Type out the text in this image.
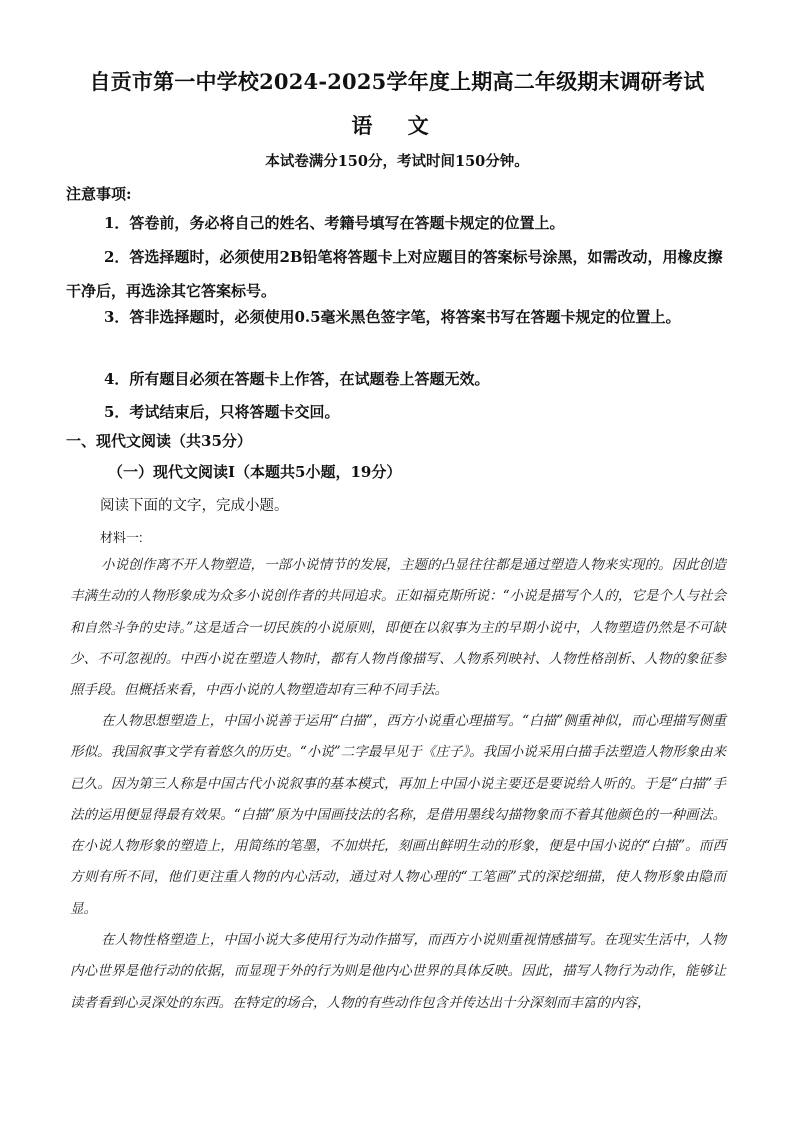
自贡市第一中学校2024-2025学年度上期高二年级期末调研考试
语 文
本试卷满分150分，考试时间150分钟。
注意事项:

1．答卷前，务必将自己的姓名、考籍号填写在答题卡规定的位置上。

2．答选择题时，必须使用2B铅笔将答题卡上对应题目的答案标号涂黑，如需改动，用橡皮擦干净后，再选涂其它答案标号。

3．答非选择题时，必须使用0.5毫米黑色签字笔，将答案书写在答题卡规定的位置上。

4．所有题目必须在答题卡上作答，在试题卷上答题无效。

5．考试结束后，只将答题卡交回。

一、现代文阅读（共35分）
（一）现代文阅读Ⅰ（本题共5小题，19分）
阅读下面的文字，完成小题。
材料一:

小说创作离不开人物塑造，一部小说情节的发展，主题的凸显往往都是通过塑造人物来实现的。因此创造丰满生动的人物形象成为众多小说创作者的共同追求。正如福克斯所说：“小说是描写个人的，它是个人与社会和自然斗争的史诗。”这是适合一切民族的小说原则，即便在以叙事为主的早期小说中，人物塑造仍然是不可缺少、不可忽视的。中西小说在塑造人物时，都有人物肖像描写、人物系列映衬、人物性格剖析、人物的象征参照手段。但概括来看，中西小说的人物塑造却有三种不同手法。

在人物思想塑造上，中国小说善于运用“白描”，西方小说重心理描写。“白描”侧重神似，而心理描写侧重形似。我国叙事文学有着悠久的历史。“小说”二字最早见于《庄子》。我国小说采用白描手法塑造人物形象由来已久。因为第三人称是中国古代小说叙事的基本模式，再加上中国小说主要还是要说给人听的。于是“白描”手法的运用便显得最有效果。“白描”原为中国画技法的名称，是借用墨线勾描物象而不着其他颜色的一种画法。在小说人物形象的塑造上，用简练的笔墨，不加烘托，刻画出鲜明生动的形象，便是中国小说的“白描”。而西方则有所不同，他们更注重人物的内心活动，通过对人物心理的“工笔画”式的深挖细描，使人物形象由隐而显。

在人物性格塑造上，中国小说大多使用行为动作描写，而西方小说则重视情感描写。在现实生活中，人物内心世界是他行动的依据，而显现于外的行为则是他内心世界的具体反映。因此，描写人物行为动作，能够让读者看到心灵深处的东西。在特定的场合，人物的有些动作包含并传达出十分深刻而丰富的内容，
